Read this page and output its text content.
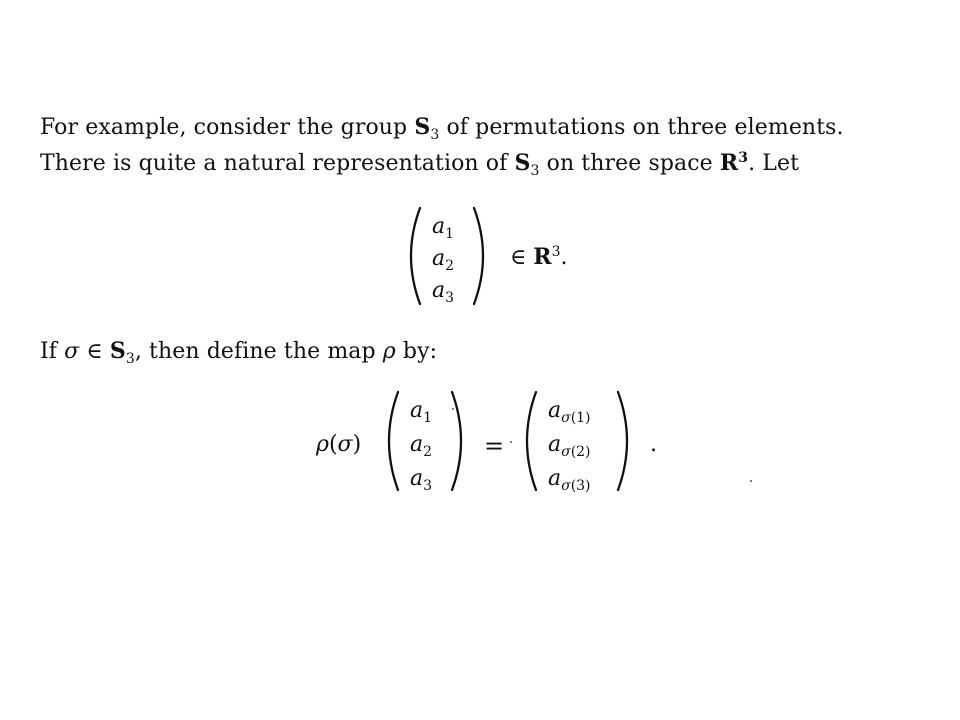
For example, consider the group $S_3$ of permutations on three elements.
There is quite a natural representation of $S_3$ on three space $R^3$. Let
$a_1$
$a_2$
$a_3$
∈ $R^3$.
If σ ∈ $S_3$, then define the map ρ by:
ρ(σ)
$a_1$
$a_2$
$a_3$
=
$a_{\sigma(1)}$
$a_{\sigma(2)}$
$a_{\sigma(3)}$
.
